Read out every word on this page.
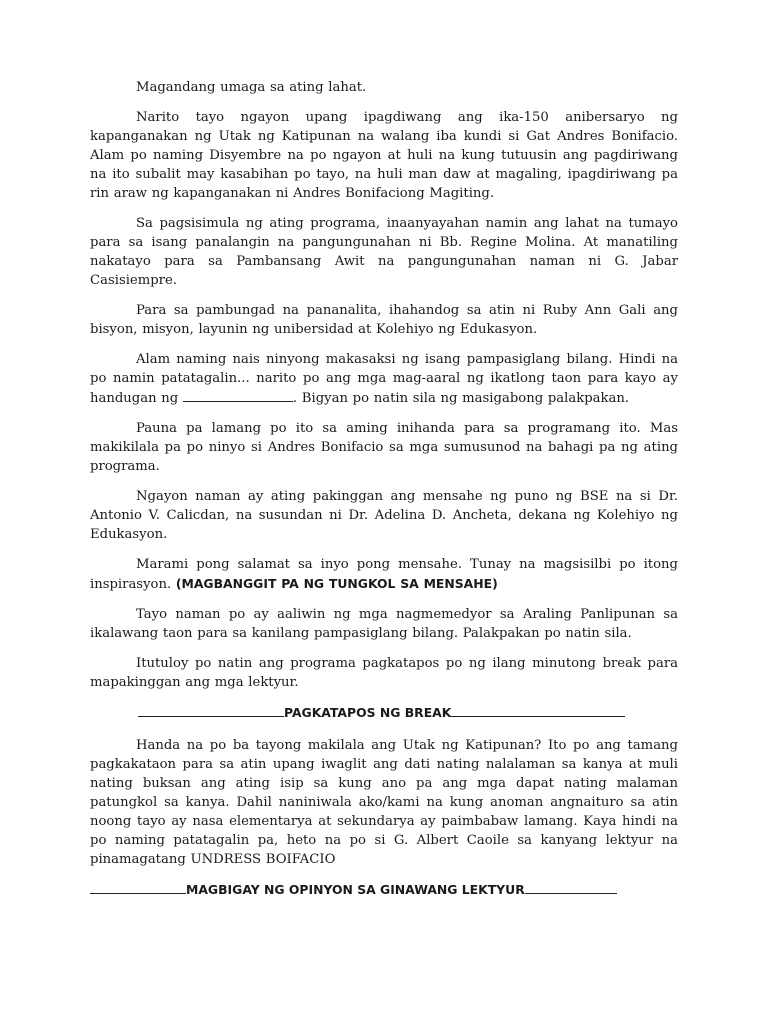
Magandang umaga sa ating lahat.

Narito tayo ngayon upang ipagdiwang ang ika-150 anibersaryo ng kapanganakan ng Utak ng Katipunan na walang iba kundi si Gat Andres Bonifacio. Alam po naming Disyembre na po ngayon at huli na kung tutuusin ang pagdiriwang na ito subalit may kasabihan po tayo, na huli man daw at magaling, ipagdiriwang pa rin araw ng kapanganakan ni Andres Bonifaciong Magiting.

Sa pagsisimula ng ating programa, inaanyayahan namin ang lahat na tumayo para sa isang panalangin na pangungunahan ni Bb. Regine Molina. At manatiling nakatayo para sa Pambansang Awit na pangungunahan naman ni G. Jabar Casisiempre.

Para sa pambungad na pananalita, ihahandog sa atin ni Ruby Ann Gali ang bisyon, misyon, layunin ng unibersidad at Kolehiyo ng Edukasyon.

Alam naming nais ninyong makasaksi ng isang pampasiglang bilang. Hindi na po namin patatagalin... narito po ang mga mag-aaral ng ikatlong taon para kayo ay handugan ng	. Bigyan po natin sila ng masigabong palakpakan.

Pauna pa lamang po ito sa aming inihanda para sa programang ito. Mas makikilala pa po ninyo si Andres Bonifacio sa mga sumusunod na bahagi pa ng ating programa.

Ngayon naman ay ating pakinggan ang mensahe ng puno ng BSE na si Dr. Antonio V. Calicdan, na susundan ni Dr. Adelina D. Ancheta, dekana ng Kolehiyo ng Edukasyon.

Marami pong salamat sa inyo pong mensahe. Tunay na magsisilbi po itong inspirasyon. (MAGBANGGIT PA NG TUNGKOL SA MENSAHE)

Tayo naman po ay aaliwin ng mga nagmemedyor sa Araling Panlipunan sa ikalawang taon para sa kanilang pampasiglang bilang. Palakpakan po natin sila.

Itutuloy po natin ang programa pagkatapos po ng ilang minutong break para mapakinggan ang mga lektyur.

PAGKATAPOS NG BREAK

Handa na po ba tayong makilala ang Utak ng Katipunan? Ito po ang tamang pagkakataon para sa atin upang iwaglit ang dati nating nalalaman sa kanya at muli nating buksan ang ating isip sa kung ano pa ang mga dapat nating malaman patungkol sa kanya. Dahil naniniwala ako/kami na kung anoman angnaituro sa atin noong tayo ay nasa elementarya at sekundarya ay paimbabaw lamang. Kaya hindi na po naming patatagalin pa, heto na po si G. Albert Caoile sa kanyang lektyur na pinamagatang UNDRESS BOIFACIO

MAGBIGAY NG OPINYON SA GINAWANG LEKTYUR
